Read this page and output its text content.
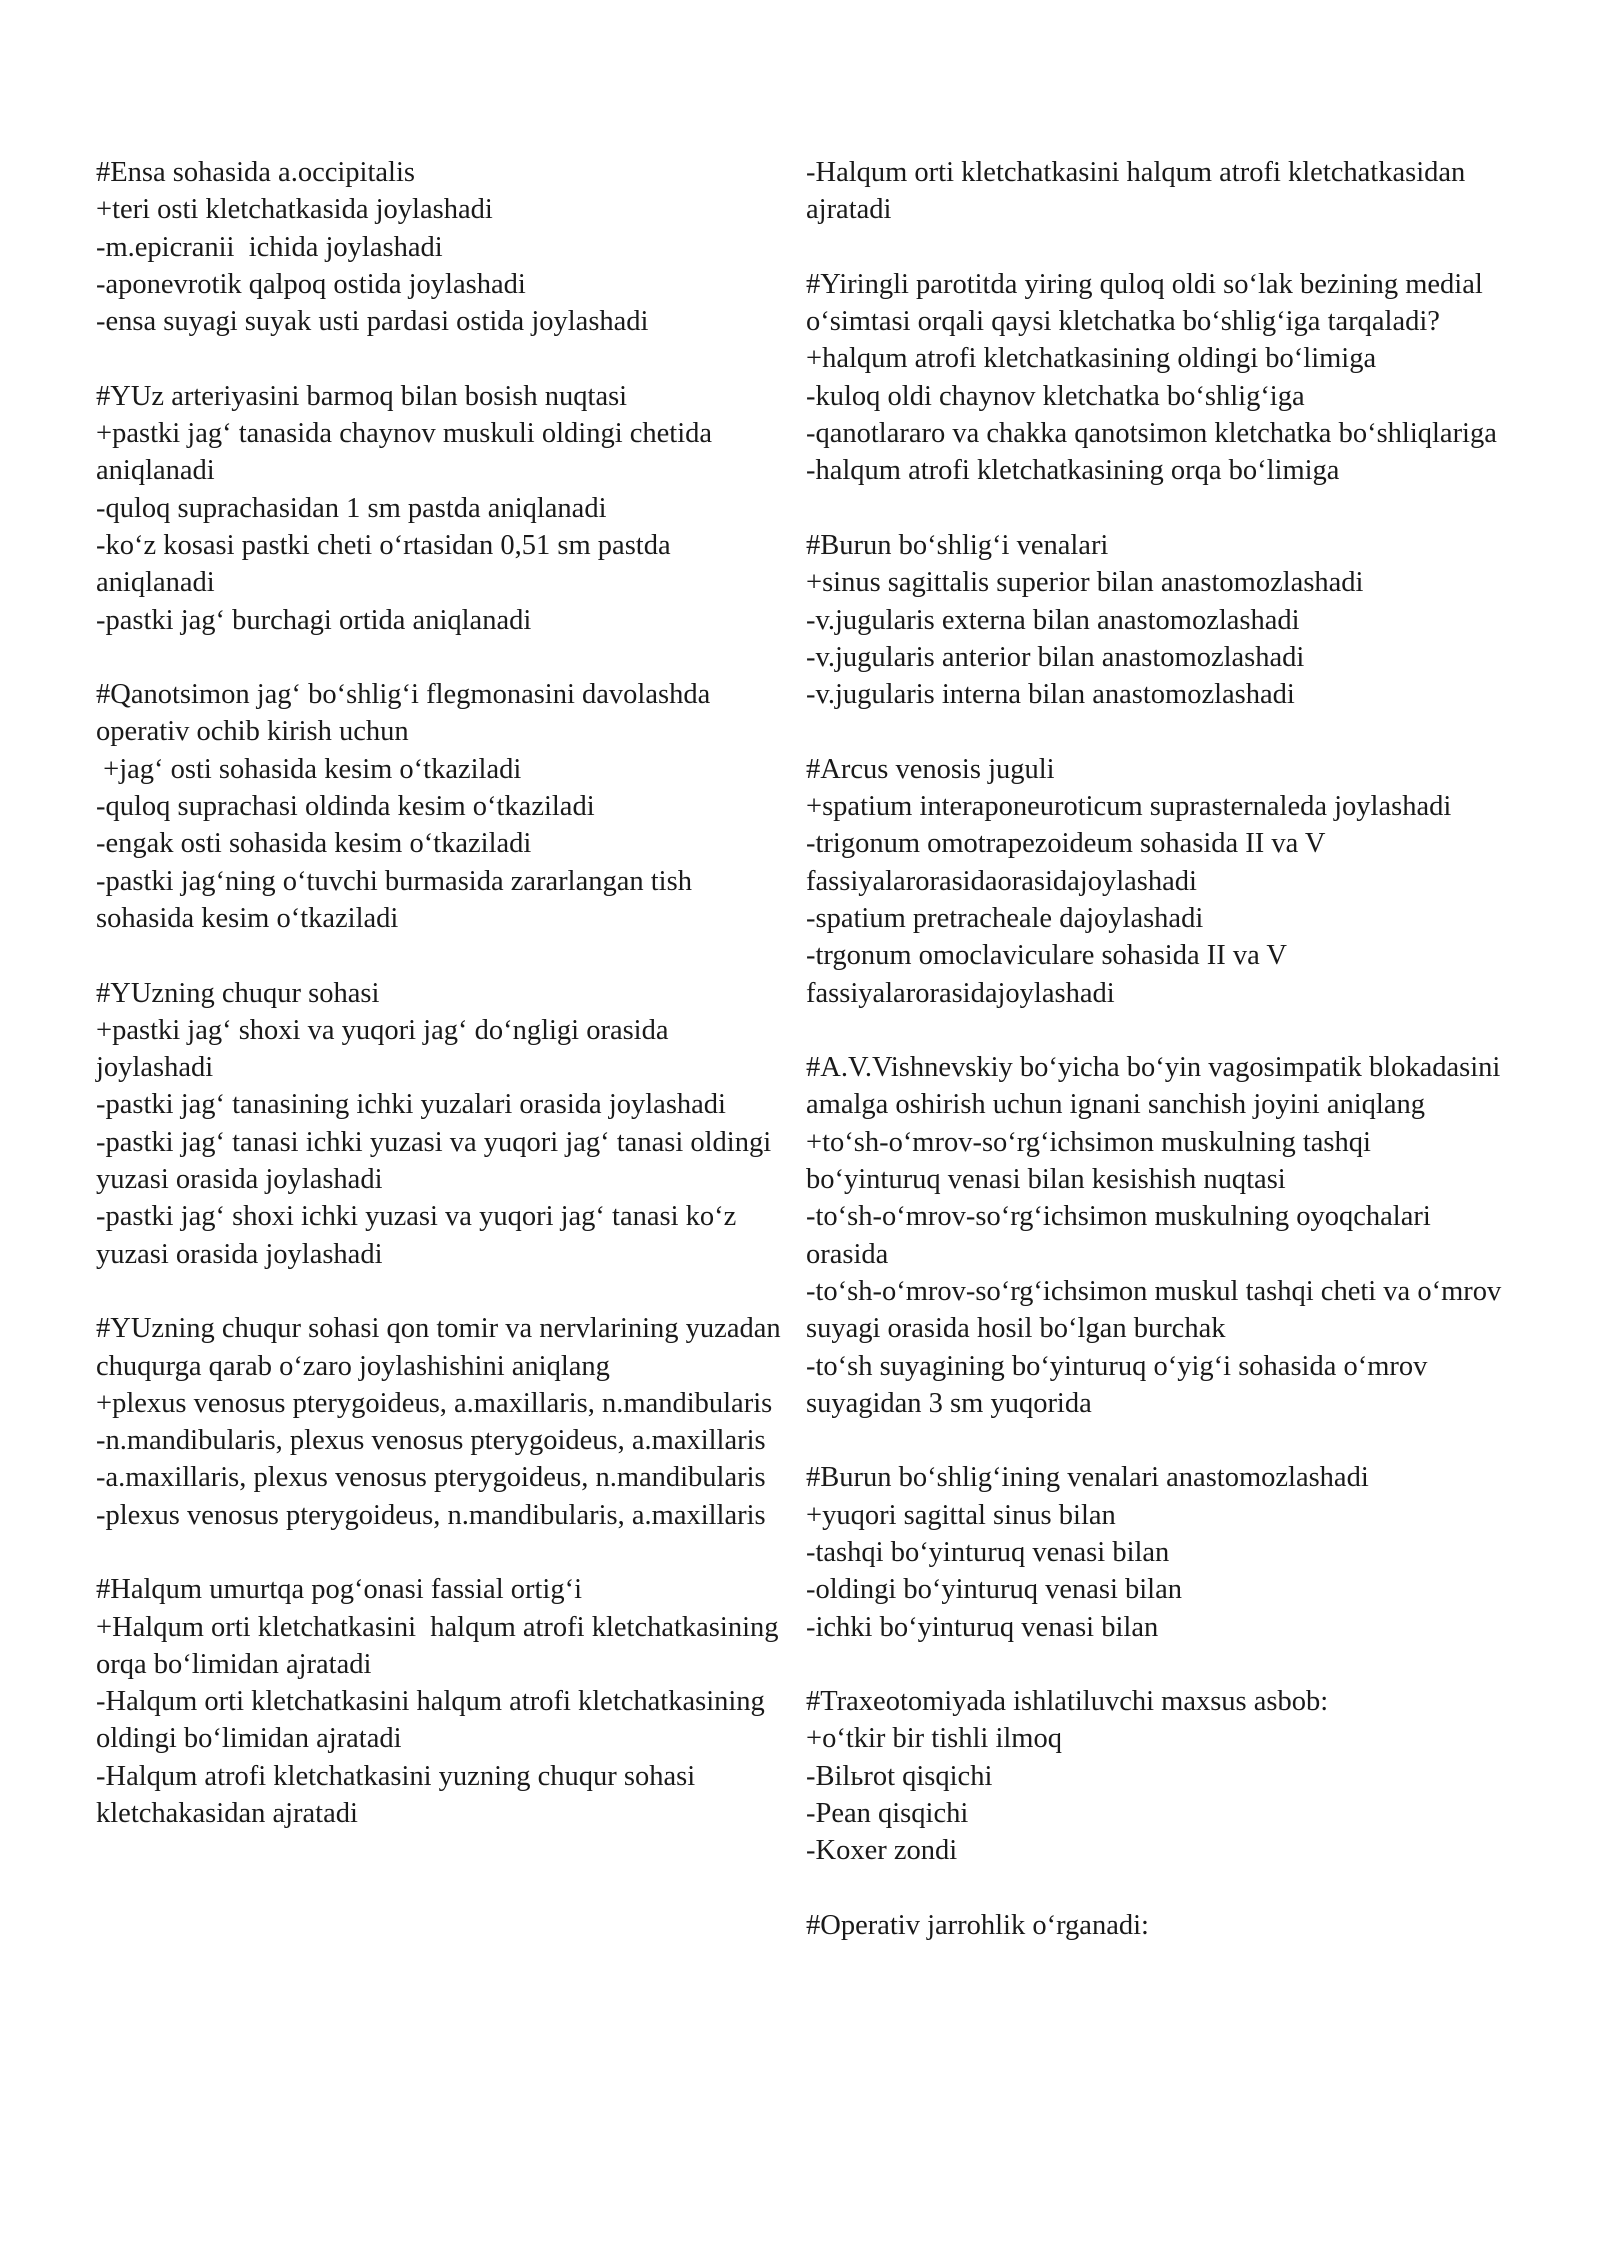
#Ensa sohasida a.occipitalis
+teri osti kletchatkasida joylashadi
-m.epicranii  ichida joylashadi
-aponevrotik qalpoq ostida joylashadi
-ensa suyagi suyak usti pardasi ostida joylashadi
#YUz arteriyasini barmoq bilan bosish nuqtasi
+pastki jag‘ tanasida chaynov muskuli oldingi chetida aniqlanadi
-quloq suprachasidan 1 sm pastda aniqlanadi
-ko‘z kosasi pastki cheti o‘rtasidan 0,51 sm pastda aniqlanadi
-pastki jag‘ burchagi ortida aniqlanadi
#Qanotsimon jag‘ bo‘shlig‘i flegmonasini davolashda operativ ochib kirish uchun
+jag‘ osti sohasida kesim o‘tkaziladi
-quloq suprachasi oldinda kesim o‘tkaziladi
-engak osti sohasida kesim o‘tkaziladi
-pastki jag‘ning o‘tuvchi burmasida zararlangan tish sohasida kesim o‘tkaziladi
#YUzning chuqur sohasi
+pastki jag‘ shoxi va yuqori jag‘ do‘ngligi orasida joylashadi
-pastki jag‘ tanasining ichki yuzalari orasida joylashadi
-pastki jag‘ tanasi ichki yuzasi va yuqori jag‘ tanasi oldingi yuzasi orasida joylashadi
-pastki jag‘ shoxi ichki yuzasi va yuqori jag‘ tanasi ko‘z yuzasi orasida joylashadi
#YUzning chuqur sohasi qon tomir va nervlarining yuzadan chuqurga qarab o‘zaro joylashishini aniqlang
+plexus venosus pterygoideus, a.maxillaris, n.mandibularis
-n.mandibularis, plexus venosus pterygoideus, a.maxillaris
-a.maxillaris, plexus venosus pterygoideus, n.mandibularis
-plexus venosus pterygoideus, n.mandibularis, a.maxillaris
#Halqum umurtqa pog‘onasi fassial ortig‘i
+Halqum orti kletchatkasini  halqum atrofi kletchatkasining orqa bo‘limidan ajratadi
-Halqum orti kletchatkasini halqum atrofi kletchatkasining oldingi bo‘limidan ajratadi
-Halqum atrofi kletchatkasini yuzning chuqur sohasi kletchakasidan ajratadi
-Halqum orti kletchatkasini halqum atrofi kletchatkasidan ajratadi
#Yiringli parotitda yiring quloq oldi so‘lak bezining medial o‘simtasi orqali qaysi kletchatka bo‘shlig‘iga tarqaladi?
+halqum atrofi kletchatkasining oldingi bo‘limiga
-kuloq oldi chaynov kletchatka bo‘shlig‘iga
-qanotlararo va chakka qanotsimon kletchatka bo‘shliqlariga
-halqum atrofi kletchatkasining orqa bo‘limiga
#Burun bo‘shlig‘i venalari
+sinus sagittalis superior bilan anastomozlashadi
-v.jugularis externa bilan anastomozlashadi
-v.jugularis anterior bilan anastomozlashadi
-v.jugularis interna bilan anastomozlashadi
#Arcus venosis juguli
+spatium interaponeuroticum suprasternaleda joylashadi
-trigonum omotrapezoideum sohasida II va V fassiyalarorasidaorasidajoylashadi
-spatium pretracheale dajoylashadi
-trgonum omoclaviculare sohasida II va V fassiyalarorasidajoylashadi
#A.V.Vishnevskiy bo‘yicha bo‘yin vagosimpatik blokadasini amalga oshirish uchun ignani sanchish joyini aniqlang
+to‘sh-o‘mrov-so‘rg‘ichsimon muskulning tashqi bo‘yinturuq venasi bilan kesishish nuqtasi
-to‘sh-o‘mrov-so‘rg‘ichsimon muskulning oyoqchalari orasida
-to‘sh-o‘mrov-so‘rg‘ichsimon muskul tashqi cheti va o‘mrov suyagi orasida hosil bo‘lgan burchak
-to‘sh suyagining bo‘yinturuq o‘yig‘i sohasida o‘mrov suyagidan 3 sm yuqorida
#Burun bo‘shlig‘ining venalari anastomozlashadi
+yuqori sagittal sinus bilan
-tashqi bo‘yinturuq venasi bilan
-oldingi bo‘yinturuq venasi bilan
-ichki bo‘yinturuq venasi bilan
#Traxeotomiyada ishlatiluvchi maxsus asbob:
+o‘tkir bir tishli ilmoq
-Bilьrot qisqichi
-Pean qisqichi
-Koxer zondi
#Operativ jarrohlik o‘rganadi:
